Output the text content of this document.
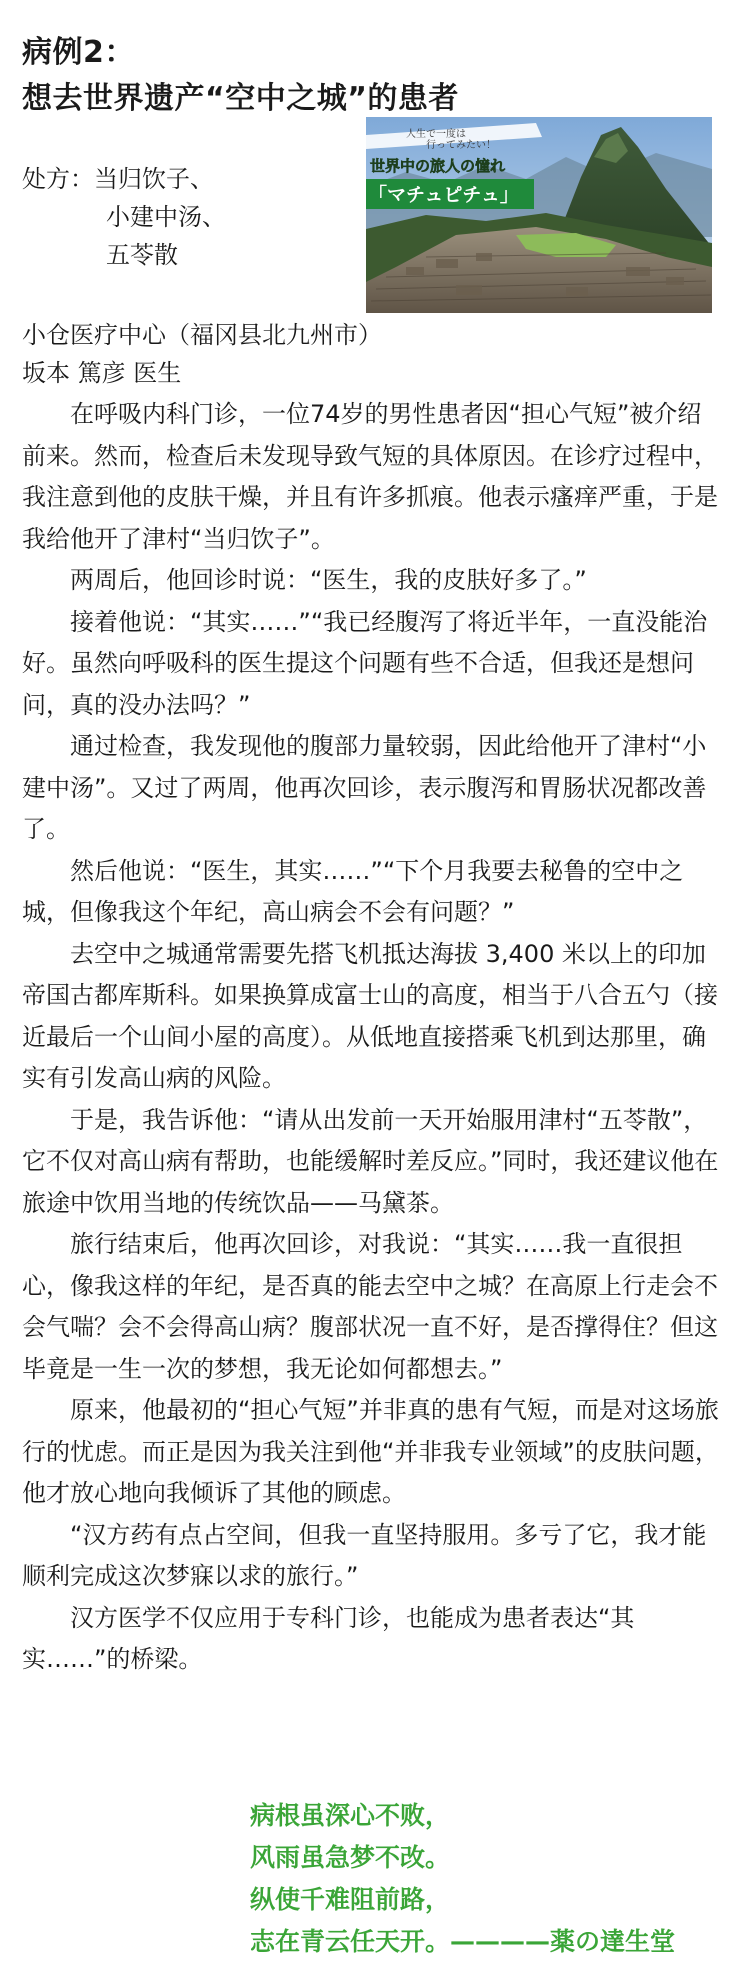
病例2：
想去世界遗产“空中之城”的患者
处方：当归饮子、
小建中汤、
五苓散
人生で一度は
行ってみたい！
世界中の旅人の憧れ
「マチュピチュ」
小仓医疗中心（福冈县北九州市）
坂本 篤彦 医生

在呼吸内科门诊，一位74岁的男性患者因“担心气短”被介绍前来。然而，检查后未发现导致气短的具体原因。在诊疗过程中，我注意到他的皮肤干燥，并且有许多抓痕。他表示瘙痒严重，于是我给他开了津村“当归饮子”。

两周后，他回诊时说：“医生，我的皮肤好多了。”

接着他说：“其实……”“我已经腹泻了将近半年，一直没能治好。虽然向呼吸科的医生提这个问题有些不合适，但我还是想问问，真的没办法吗？”

通过检查，我发现他的腹部力量较弱，因此给他开了津村“小建中汤”。又过了两周，他再次回诊，表示腹泻和胃肠状况都改善了。

然后他说：“医生，其实……”“下个月我要去秘鲁的空中之城，但像我这个年纪，高山病会不会有问题？”

去空中之城通常需要先搭飞机抵达海拔 3,400 米以上的印加帝国古都库斯科。如果换算成富士山的高度，相当于八合五勺（接近最后一个山间小屋的高度）。从低地直接搭乘飞机到达那里，确实有引发高山病的风险。

于是，我告诉他：“请从出发前一天开始服用津村“五苓散”，它不仅对高山病有帮助，也能缓解时差反应。”同时，我还建议他在旅途中饮用当地的传统饮品——马黛茶。

旅行结束后，他再次回诊，对我说：“其实……我一直很担心，像我这样的年纪，是否真的能去空中之城？在高原上行走会不会气喘？会不会得高山病？腹部状况一直不好，是否撑得住？但这毕竟是一生一次的梦想，我无论如何都想去。”

原来，他最初的“担心气短”并非真的患有气短，而是对这场旅行的忧虑。而正是因为我关注到他“并非我专业领域”的皮肤问题，他才放心地向我倾诉了其他的顾虑。

“汉方药有点占空间，但我一直坚持服用。多亏了它，我才能顺利完成这次梦寐以求的旅行。”

汉方医学不仅应用于专科门诊，也能成为患者表达“其实……”的桥梁。

病根虽深心不败，
风雨虽急梦不改。
纵使千难阻前路，
志在青云任天开。————薬の達生堂
